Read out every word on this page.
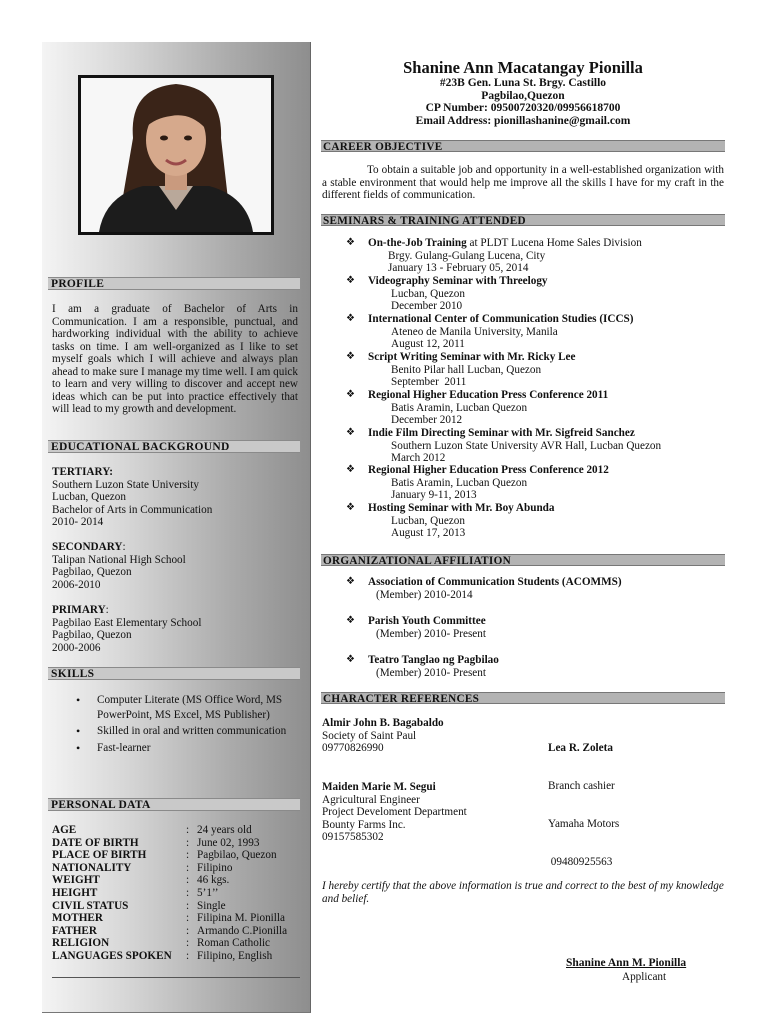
PROFILE
I am a graduate of Bachelor of Arts in Communication. I am a responsible, punctual, and hardworking individual with the ability to achieve tasks on time. I am well-organized as I like to set myself goals which I will achieve and always plan ahead to make sure I manage my time well. I am quick to learn and very willing to discover and accept new ideas which can be put into practice effectively that will lead to my growth and development.
EDUCATIONAL BACKGROUND
TERTIARY:
Southern Luzon State University
Lucban, Quezon
Bachelor of Arts in Communication
2010- 2014
SECONDARY:
Talipan National High School
Pagbilao, Quezon
2006-2010
PRIMARY:
Pagbilao East Elementary School
Pagbilao, Quezon
2000-2006
SKILLS
• Computer Literate (MS Office Word, MS PowerPoint, MS Excel, MS Publisher)
• Skilled in oral and written communication
• Fast-learner
PERSONAL DATA
AGE	: 24 years old
DATE OF BIRTH	: June 02, 1993
PLACE OF BIRTH	: Pagbilao, Quezon
NATIONALITY	: Filipino
WEIGHT	: 46 kgs.
HEIGHT	: 5’1’’
CIVIL STATUS	: Single
MOTHER	: Filipina M. Pionilla
FATHER	: Armando C.Pionilla
RELIGION	: Roman Catholic
LANGUAGES SPOKEN	: Filipino, English
Shanine Ann Macatangay Pionilla
#23B Gen. Luna St. Brgy. Castillo
Pagbilao,Quezon
CP Number: 09500720320/09956618700
Email Address: pionillashanine@gmail.com
CAREER OBJECTIVE
To obtain a suitable job and opportunity in a well-established organization with a stable environment that would help me improve all the skills I have for my craft in the different fields of communication.
SEMINARS & TRAINING ATTENDED
❖	On-the-Job Training at PLDT Lucena Home Sales Division
Brgy. Gulang-Gulang Lucena, City
January 13 - February 05, 2014
❖	Videography Seminar with Threelogy
Lucban, Quezon
December 2010
❖	International Center of Communication Studies (ICCS)
Ateneo de Manila University, Manila
August 12, 2011
❖	Script Writing Seminar with Mr. Ricky Lee
Benito Pilar hall Lucban, Quezon
September  2011
❖	Regional Higher Education Press Conference 2011
Batis Aramin, Lucban Quezon
December 2012
❖	Indie Film Directing Seminar with Mr. Sigfreid Sanchez
Southern Luzon State University AVR Hall, Lucban Quezon
March 2012
❖	Regional Higher Education Press Conference 2012
Batis Aramin, Lucban Quezon
January 9-11, 2013
❖	Hosting Seminar with Mr. Boy Abunda
Lucban, Quezon
August 17, 2013
ORGANIZATIONAL AFFILIATION
❖	Association of Communication Students (ACOMMS)
(Member) 2010-2014
❖	Parish Youth Committee
(Member) 2010- Present
❖	Teatro Tanglao ng Pagbilao
(Member) 2010- Present
CHARACTER REFERENCES
Almir John B. Bagabaldo
Society of Saint Paul
09770826990

	Lea R. Zoleta

Branch cashier

Yamaha Motors

09480925563

Maiden Marie M. Segui
Agricultural Engineer
Project Develoment Department
Bounty Farms Inc.
09157585302
I hereby certify that the above information is true and correct to the best of my knowledge and belief.
Shanine Ann M. Pionilla
Applicant
